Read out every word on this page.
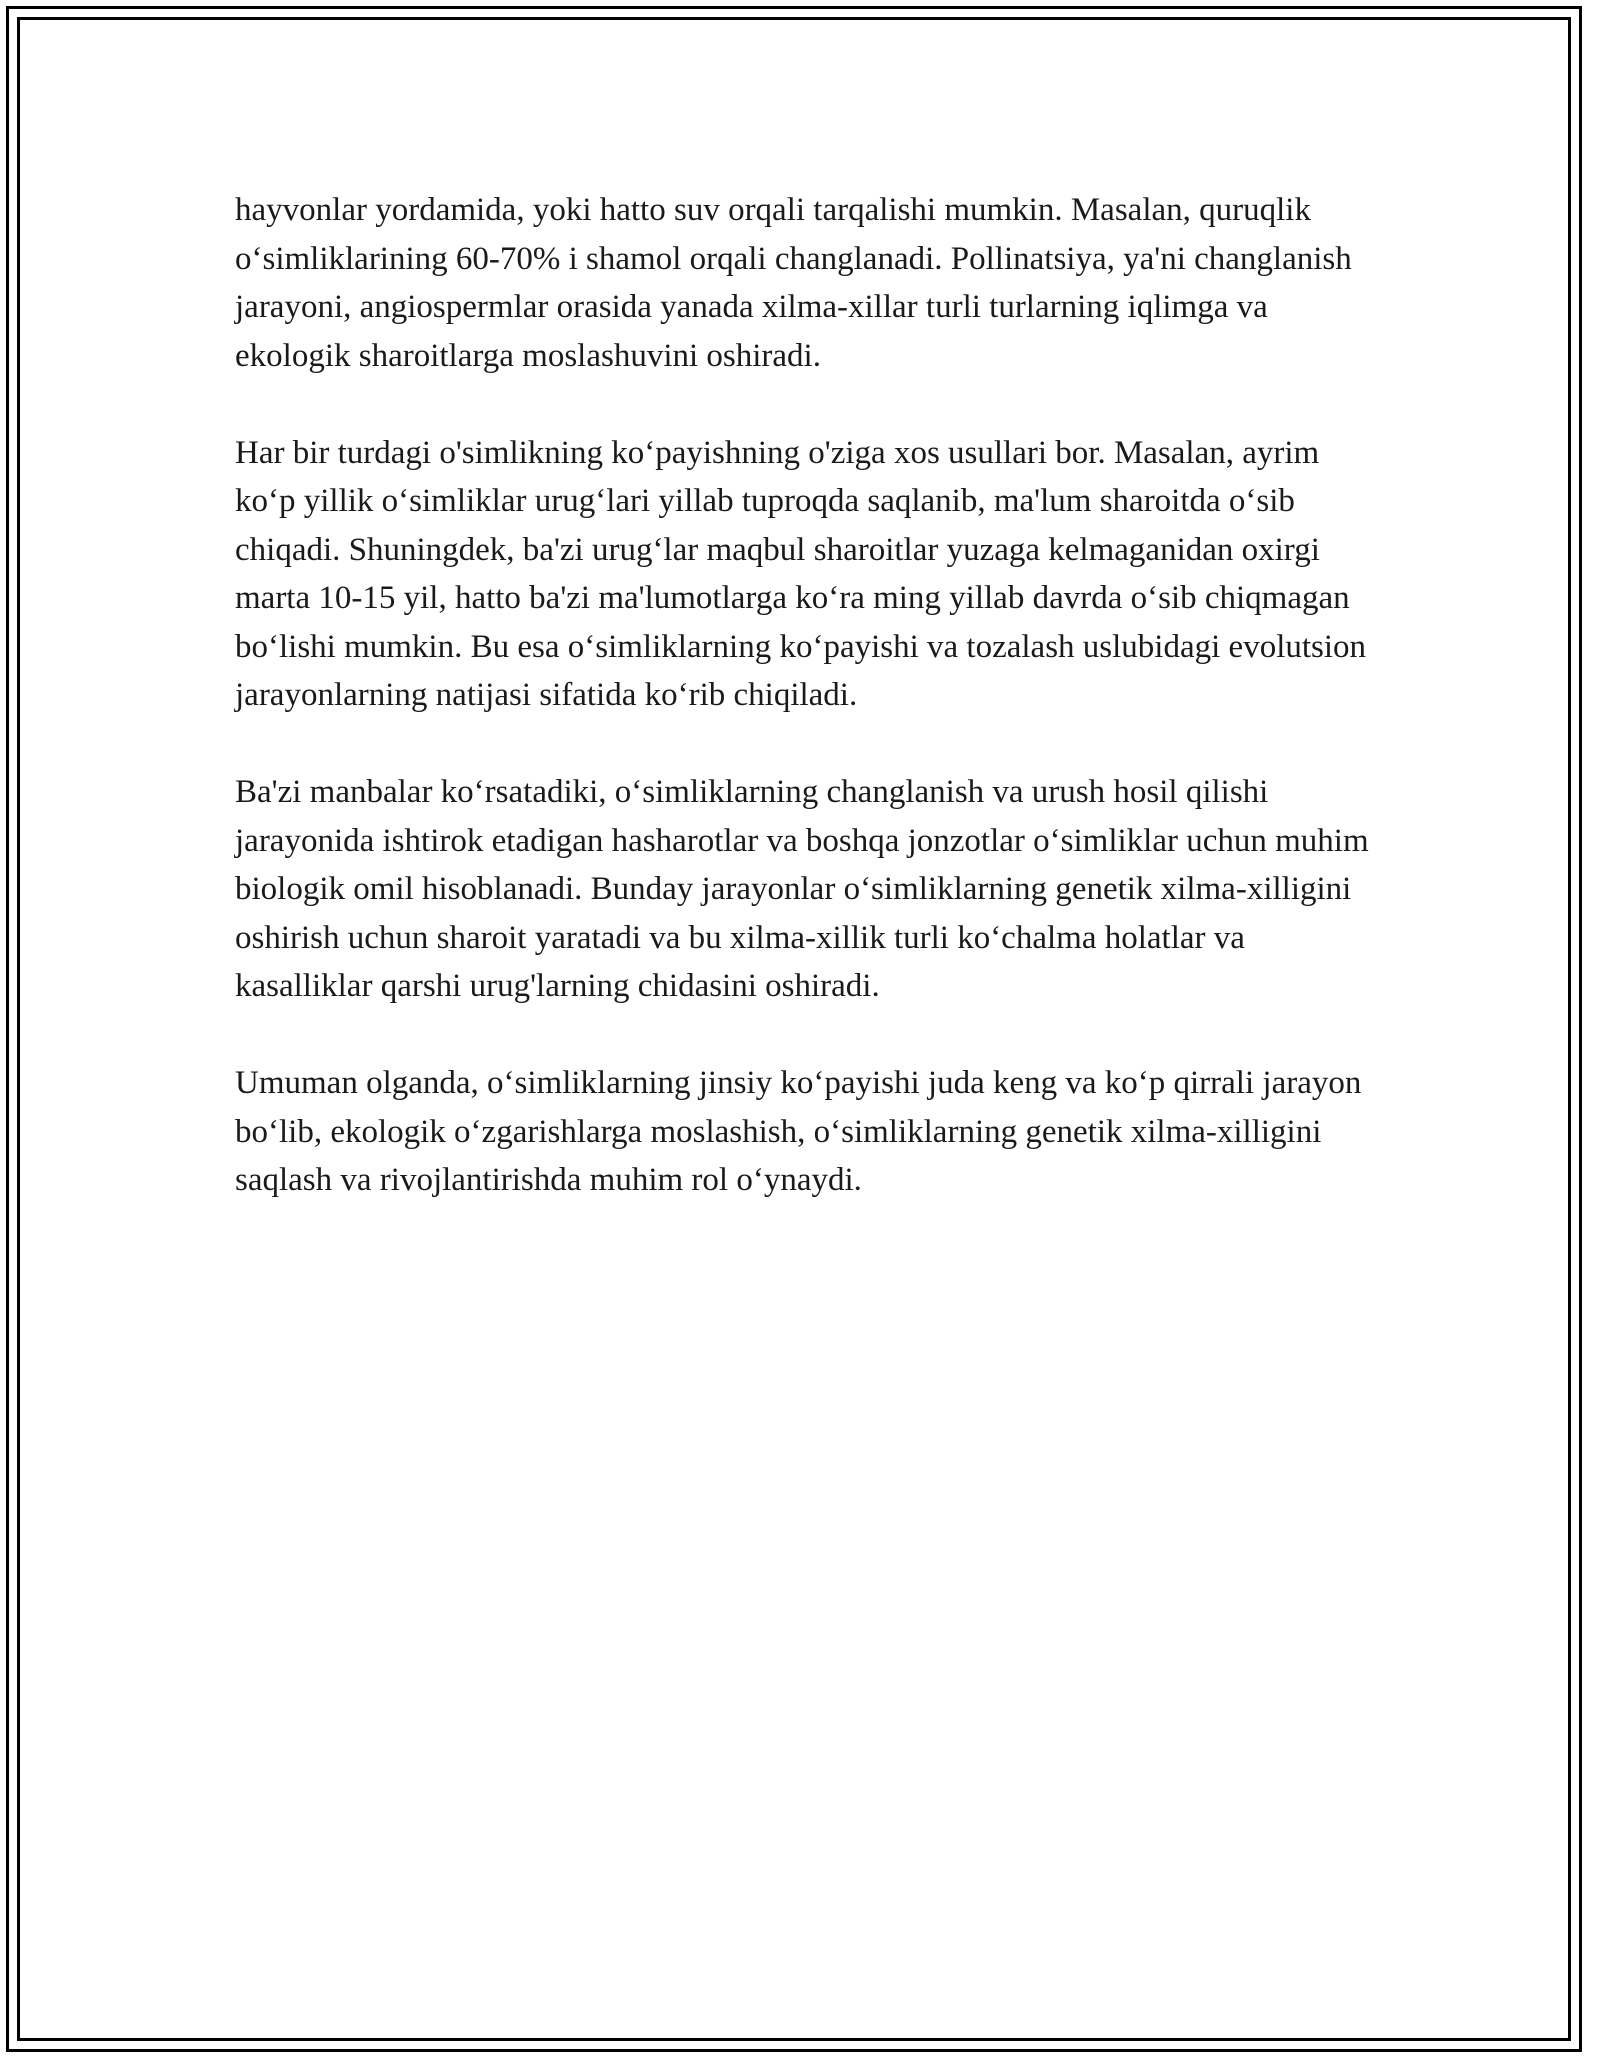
hayvonlar yordamida, yoki hatto suv orqali tarqalishi mumkin. Masalan, quruqlik o‘simliklarining 60-70% i shamol orqali changlanadi. Pollinatsiya, ya'ni changlanish jarayoni, angiospermlar orasida yanada xilma-xillar turli turlarning iqlimga va ekologik sharoitlarga moslashuvini oshiradi.

Har bir turdagi o'simlikning ko‘payishning o'ziga xos usullari bor. Masalan, ayrim ko‘p yillik o‘simliklar urug‘lari yillab tuproqda saqlanib, ma'lum sharoitda o‘sib chiqadi. Shuningdek, ba'zi urug‘lar maqbul sharoitlar yuzaga kelmaganidan oxirgi marta 10-15 yil, hatto ba'zi ma'lumotlarga ko‘ra ming yillab davrda o‘sib chiqmagan bo‘lishi mumkin. Bu esa o‘simliklarning ko‘payishi va tozalash uslubidagi evolutsion jarayonlarning natijasi sifatida ko‘rib chiqiladi.

Ba'zi manbalar ko‘rsatadiki, o‘simliklarning changlanish va urush hosil qilishi jarayonida ishtirok etadigan hasharotlar va boshqa jonzotlar o‘simliklar uchun muhim biologik omil hisoblanadi. Bunday jarayonlar o‘simliklarning genetik xilma-xilligini oshirish uchun sharoit yaratadi va bu xilma-xillik turli ko‘chalma holatlar va kasalliklar qarshi urug'larning chidasini oshiradi.

Umuman olganda, o‘simliklarning jinsiy ko‘payishi juda keng va ko‘p qirrali jarayon bo‘lib, ekologik o‘zgarishlarga moslashish, o‘simliklarning genetik xilma-xilligini saqlash va rivojlantirishda muhim rol o‘ynaydi.
